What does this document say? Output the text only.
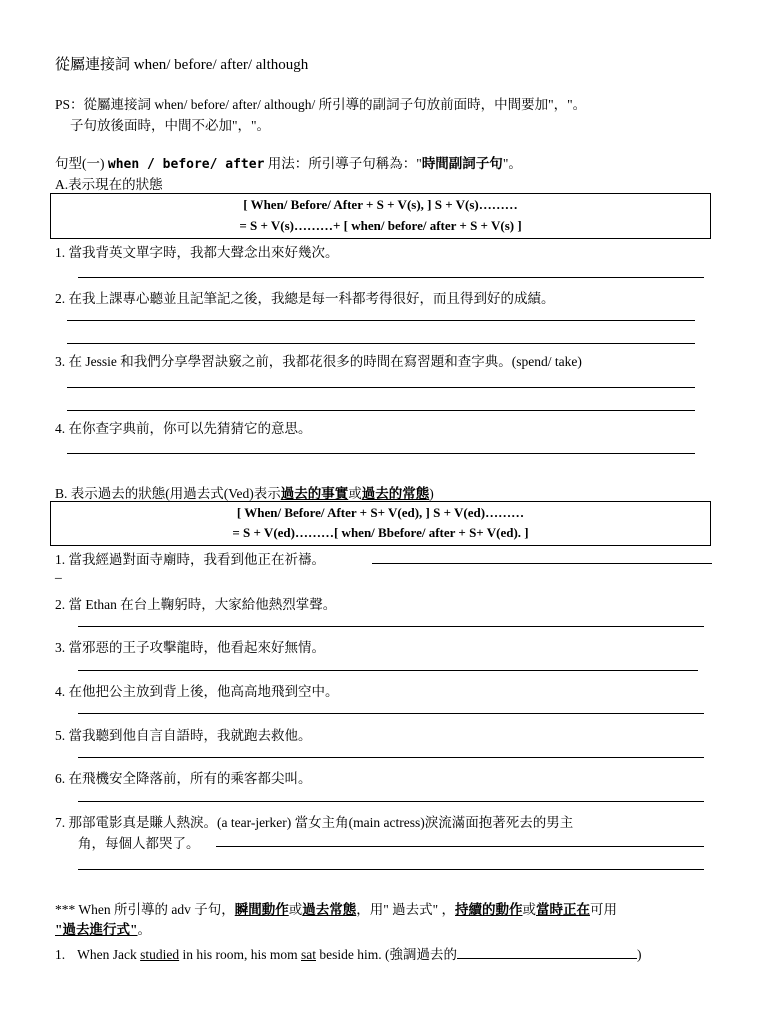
從屬連接詞 when/ before/ after/ although
PS：從屬連接詞 when/ before/ after/ although/ 所引導的副詞子句放前面時，中間要加"，"。
子句放後面時，中間不必加"，"。
句型(一) when / before/ after 用法：所引導子句稱為："時間副詞子句"。
A.表示現在的狀態
[ When/ Before/ After + S + V(s), ] S + V(s)………
= S + V(s)………+ [ when/ before/ after + S + V(s) ]
1. 當我背英文單字時，我都大聲念出來好幾次。
2. 在我上課專心聽並且記筆記之後，我總是每一科都考得很好，而且得到好的成績。
3. 在 Jessie 和我們分享學習訣竅之前，我都花很多的時間在寫習題和查字典。(spend/ take)
4. 在你查字典前，你可以先猜猜它的意思。
B. 表示過去的狀態(用過去式(Ved)表示過去的事實或過去的常態)
[ When/ Before/ After + S+ V(ed), ] S + V(ed)………
= S + V(ed)………[ when/ Bbefore/ after + S+ V(ed). ]
1. 當我經過對面寺廟時，我看到他正在祈禱。
_
2. 當 Ethan 在台上鞠躬時，大家給他熱烈掌聲。
3. 當邪惡的王子攻擊龍時，他看起來好無情。
4. 在他把公主放到背上後，他高高地飛到空中。
5. 當我聽到他自言自語時，我就跑去救他。
6. 在飛機安全降落前，所有的乘客都尖叫。
7. 那部電影真是賺人熱淚。(a tear-jerker) 當女主角(main actress)淚流滿面抱著死去的男主
角，每個人都哭了。
*** When 所引導的 adv 子句，瞬間動作或過去常態，用" 過去式" ，持續的動作或當時正在可用
"過去進行式"。
1. When Jack studied in his room, his mom sat beside him. (強調過去的	)
